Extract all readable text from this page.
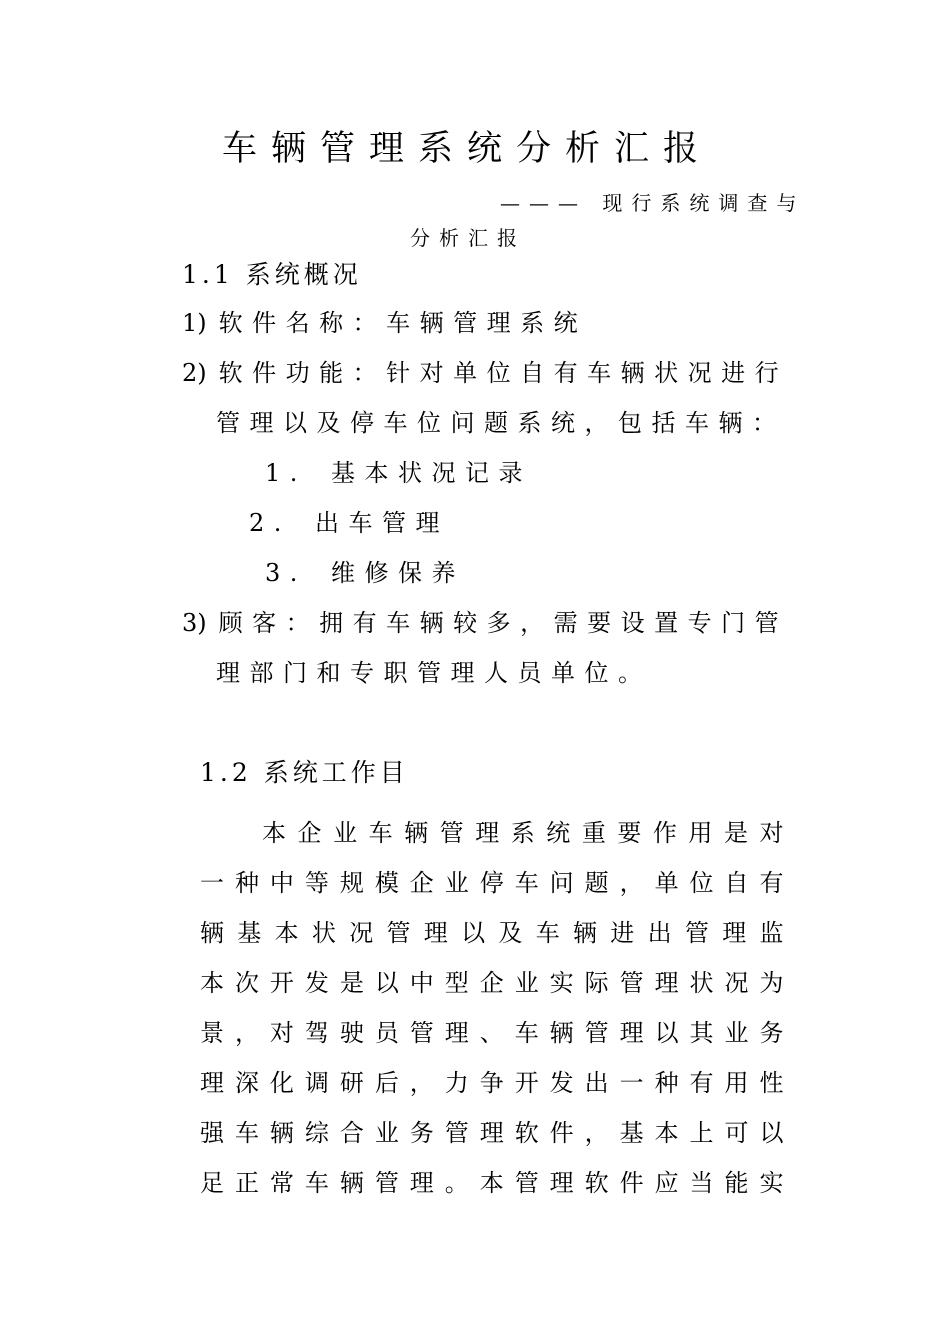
车辆管理系统分析汇报
——— 现行系统调查与
分析汇报
1.1 系统概况
1) 软件名称：车辆管理系统
2) 软件功能：针对单位自有车辆状况进行
管理以及停车位问题系统，包括车辆：
1. 基本状况记录
2. 出车管理
3. 维修保养
3) 顾客：拥有车辆较多，需要设置专门管
理部门和专职管理人员单位。
1.2 系统工作目
本企业车辆管理系统重要作用是对
一种中等规模企业停车问题，单位自有
辆基本状况管理以及车辆进出管理监
本次开发是以中型企业实际管理状况为
景，对驾驶员管理、车辆管理以其业务
理深化调研后，力争开发出一种有用性
强车辆综合业务管理软件，基本上可以
足正常车辆管理。本管理软件应当能实
